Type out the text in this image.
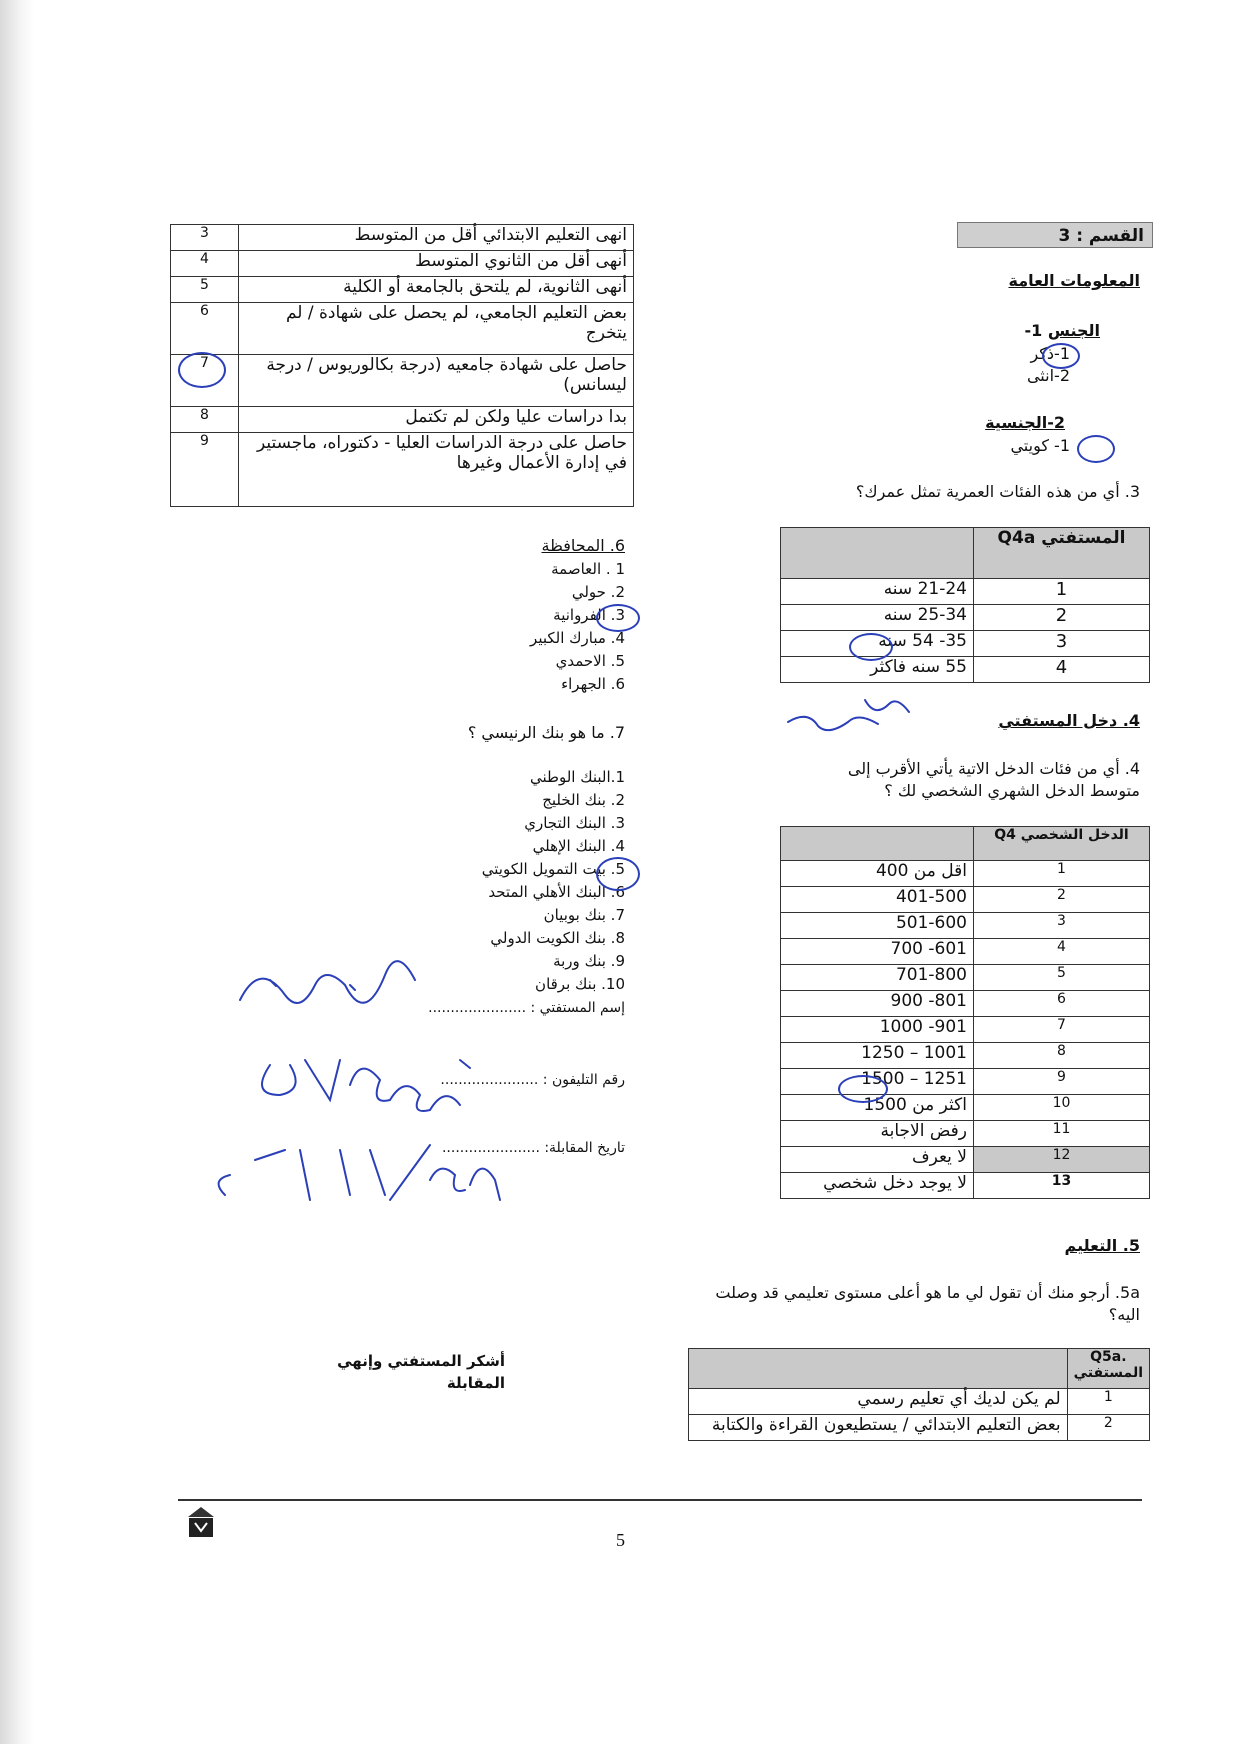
القسم : 3
المعلومات العامة
الجنس 1-
1-ذكر
2-انثى
2-الجنسية
1- كويتي
3. أي من هذه الفئات العمرية تمثل عمرك؟
	Q4a المستفتي
21-24 سنه	1
25-34 سنه	2
35- 54 سنه	3
55 سنه فاكثر	4
4. دخل المستفتي
4. أي من فئات الدخل الاتية يأتي الأقرب إلى متوسط الدخل الشهري الشخصي لك ؟
	Q4 الدخل الشخصي
اقل من 400	1
401-500	2
501-600	3
601- 700	4
701-800	5
801- 900	6
901- 1000	7
1001 – 1250	8
1251 – 1500	9
اكثر من 1500	10
رفض الاجابة	11
لا يعرف	12
لا يوجد دخل شخصي	13
5. التعليم
5a. أرجو منك أن تقول لي ما هو أعلى مستوى تعليمي قد وصلت اليه؟
	Q5a. المستفتي
لم يكن لديك أي تعليم رسمي	1
بعض التعليم الابتدائي / يستطيعون القراءة والكتابة	2
3	انهى التعليم الابتدائي أقل من المتوسط
4	أنهى أقل من الثانوي المتوسط
5	أنهى الثانوية، لم يلتحق بالجامعة أو الكلية
6	بعض التعليم الجامعي، لم يحصل على شهادة / لم يتخرج
7	حاصل على شهادة جامعيه (درجة بكالوريوس / درجة ليسانس)
8	بدا دراسات عليا ولكن لم تكتمل
9	حاصل على درجة الدراسات العليا - دكتوراه، ماجستير في إدارة الأعمال وغيرها
6. المحافظة
1 . العاصمة
2. حولي
3. الفروانية
4. مبارك الكبير
5. الاحمدي
6. الجهراء
7. ما هو بنك الرنيسي ؟
1.البنك الوطني
2. بنك الخليج
3. البنك التجاري
4. البنك الإهلي
5. بيت التمويل الكويتي
6. البنك الأهلي المتحد
7. بنك بوبيان
8. بنك الكويت الدولي
9. بنك وربة
10. بنك برقان
إسم المستفتي : ......................
رقم التليفون : ......................
تاريخ المقابلة: ......................
أشكر المستفتي وإنهي المقابلة
5
